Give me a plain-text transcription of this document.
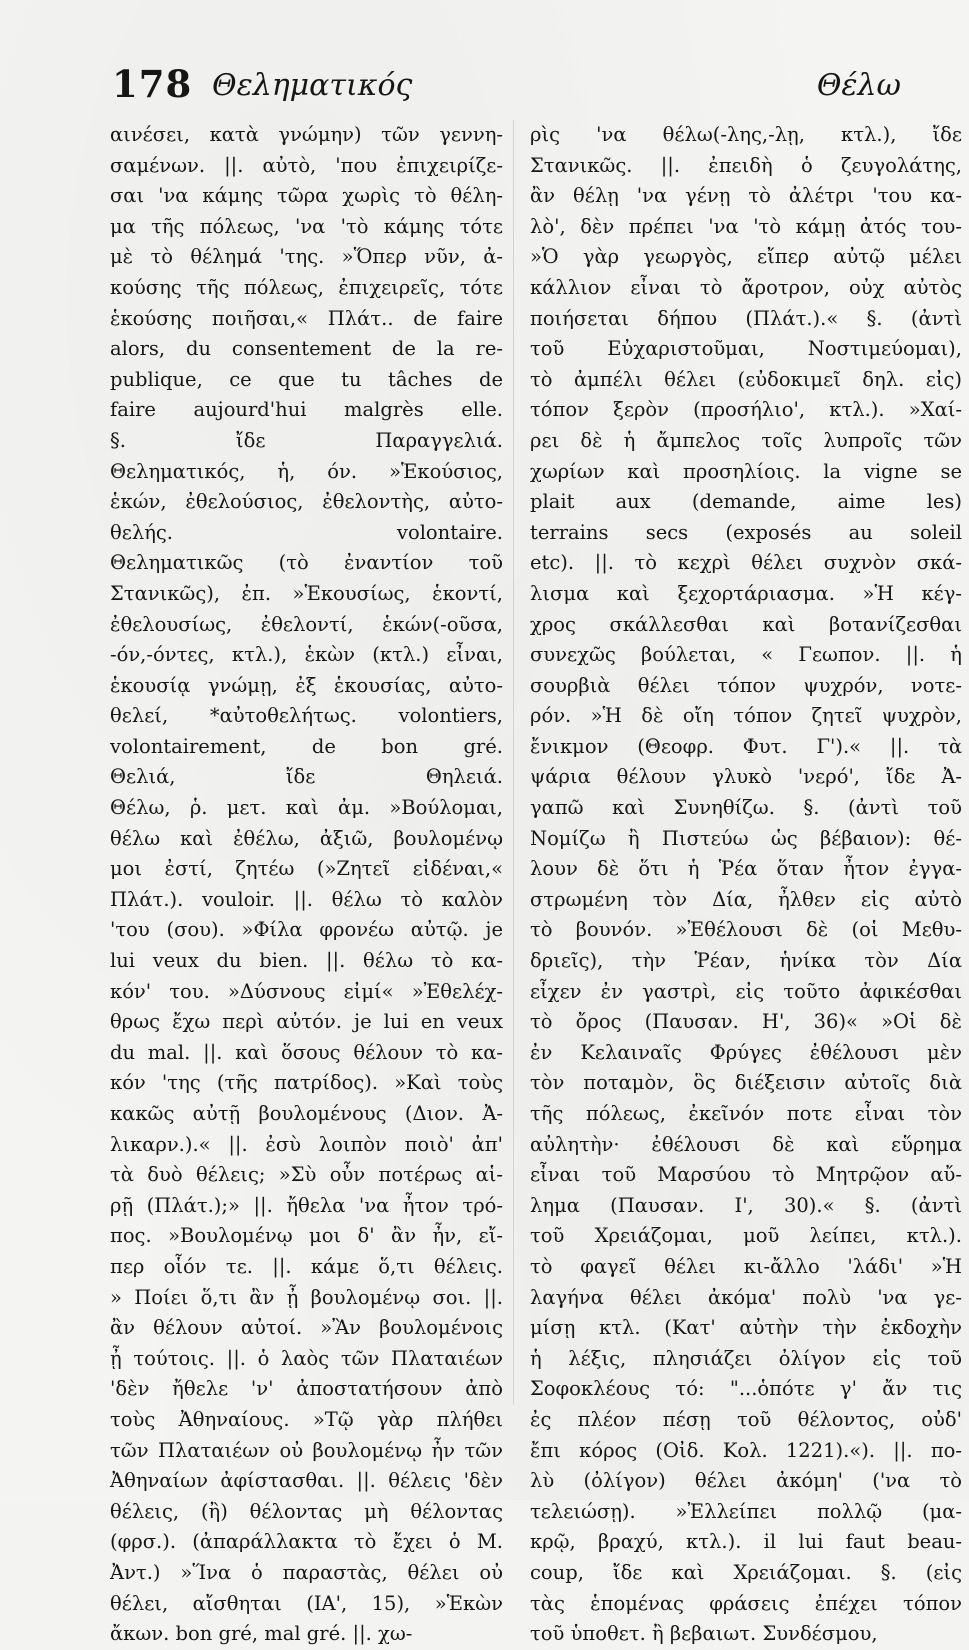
178 Θεληματικός	Θέλω
αινέσει, κατὰ γνώμην) τῶν γεννη-
σαμένων. ||. αὐτὸ, 'που ἐπιχειρίζε-
σαι 'να κάμης τῶρα χωρὶς τὸ θέλη-
μα τῆς πόλεως, 'να 'τὸ κάμης τότε
μὲ τὸ θέλημά 'της. »Ὅπερ νῦν, ἀ-
κούσης τῆς πόλεως, ἐπιχειρεῖς, τότε
ἑκούσης ποιῆσαι,« Πλάτ.. de faire
alors, du consentement de la re-
publique, ce que tu tâches de
faire aujourd'hui malgrès elle.
§. ἴδε Παραγγελιά.
Θεληματικός, ἡ, όν. »Ἑκούσιος,
ἑκών, ἐθελούσιος, ἐθελοντὴς, αὐτο-
θελής. volontaire.
Θεληματικῶς (τὸ ἐναντίον τοῦ
Στανικῶς), ἐπ. »Ἑκουσίως, ἑκοντί,
ἐθελουσίως, ἐθελοντί, ἑκών(-οῦσα,
-όν,-όντες, κτλ.), ἑκὼν (κτλ.) εἶναι,
ἑκουσίᾳ γνώμῃ, ἐξ ἑκουσίας, αὐτο-
θελεί, *αὐτοθελήτως. volontiers,
volontairement, de bon gré.
Θελιά, ἴδε Θηλειά.
Θέλω, ῥ. μετ. καὶ ἀμ. »Βούλομαι,
θέλω καὶ ἐθέλω, ἀξιῶ, βουλομένῳ
μοι ἐστί, ζητέω (»Ζητεῖ εἰδέναι,«
Πλάτ.). vouloir. ||. θέλω τὸ καλὸν
'του (σου). »Φίλα φρονέω αὐτῷ. je
lui veux du bien. ||. θέλω τὸ κα-
κόν' του. »Δύσνους εἰμί« »Ἐθελέχ-
θρως ἔχω περὶ αὐτόν. je lui en veux
du mal. ||. καὶ ὅσους θέλουν τὸ κα-
κόν 'της (τῆς πατρίδος). »Καὶ τοὺς
κακῶς αὐτῇ βουλομένους (Διον. Ἀ-
λικαρν.).« ||. ἐσὺ λοιπὸν ποιὸ' ἀπ'
τὰ δυὸ θέλεις; »Σὺ οὖν ποτέρως αἱ-
ρῇ (Πλάτ.);» ||. ἤθελα 'να ἦτον τρό-
πος. »Βουλομένῳ μοι δ' ἂν ἦν, εἴ-
περ οἷόν τε. ||. κάμε ὅ,τι θέλεις.
» Ποίει ὅ,τι ἂν ᾖ βουλομένῳ σοι. ||.
ἂν θέλουν αὐτοί. »Ἂν βουλομένοις
ᾖ τούτοις. ||. ὁ λαὸς τῶν Πλαταιέων
'δὲν ἤθελε 'ν' ἀποστατήσουν ἀπὸ
τοὺς Ἀθηναίους. »Τῷ γὰρ πλήθει
τῶν Πλαταιέων οὐ βουλομένῳ ἦν τῶν
Ἀθηναίων ἀφίστασθαι. ||. θέλεις 'δὲν
θέλεις, (ἢ) θέλοντας μὴ θέλοντας
(φρσ.). (ἀπαράλλακτα τὸ ἔχει ὁ Μ.
Ἀντ.) »Ἵνα ὁ παραστὰς, θέλει οὐ
θέλει, αἴσθηται (ΙΑ', 15), »Ἑκὼν
ἄκων. bon gré, mal gré. ||. χω-
ρὶς 'να θέλω(-λης,-λῃ, κτλ.), ἴδε
Στανικῶς. ||. ἐπειδὴ ὁ ζευγολάτης,
ἂν θέλῃ 'να γένῃ τὸ ἀλέτρι 'του κα-
λὸ', δὲν πρέπει 'να 'τὸ κάμῃ ἀτός του-
»Ὁ γὰρ γεωργὸς, εἴπερ αὐτῷ μέλει
κάλλιον εἶναι τὸ ἄροτρον, οὐχ αὐτὸς
ποιήσεται δήπου (Πλάτ.).« §. (ἀντὶ
τοῦ Εὐχαριστοῦμαι, Νοστιμεύομαι),
τὸ ἀμπέλι θέλει (εὐδοκιμεῖ δηλ. εἰς)
τόπον ξερὸν (προσήλιο', κτλ.). »Χαί-
ρει δὲ ἡ ἄμπελος τοῖς λυπροῖς τῶν
χωρίων καὶ προσηλίοις. la vigne se
plait aux (demande, aime les)
terrains secs (exposés au soleil
etc). ||. τὸ κεχρὶ θέλει συχνὸν σκά-
λισμα καὶ ξεχορτάριασμα. »Ἡ κέγ-
χρος σκάλλεσθαι καὶ βοτανίζεσθαι
συνεχῶς βούλεται, « Γεωπον. ||. ἡ
σουρβιὰ θέλει τόπον ψυχρόν, νοτε-
ρόν. »Ἡ δὲ οἴη τόπον ζητεῖ ψυχρὸν,
ἔνικμον (Θεοφρ. Φυτ. Γ').« ||. τὰ
ψάρια θέλουν γλυκὸ 'νερό', ἴδε Ἀ-
γαπῶ καὶ Συνηθίζω. §. (ἀντὶ τοῦ
Νομίζω ἢ Πιστεύω ὡς βέβαιον): θέ-
λουν δὲ ὅτι ἡ Ῥέα ὅταν ἦτον ἐγγα-
στρωμένη τὸν Δία, ἦλθεν εἰς αὐτὸ
τὸ βουνόν. »Ἐθέλουσι δὲ (οἱ Μεθυ-
δριεῖς), τὴν Ῥέαν, ἡνίκα τὸν Δία
εἶχεν ἐν γαστρὶ, εἰς τοῦτο ἀφικέσθαι
τὸ ὄρος (Παυσαν. Η', 36)« »Οἱ δὲ
ἐν Κελαιναῖς Φρύγες ἐθέλουσι μὲν
τὸν ποταμὸν, ὃς διέξεισιν αὐτοῖς διὰ
τῆς πόλεως, ἐκεῖνόν ποτε εἶναι τὸν
αὐλητὴν· ἐθέλουσι δὲ καὶ εὕρημα
εἶναι τοῦ Μαρσύου τὸ Μητρῷον αὔ-
λημα (Παυσαν. Ι', 30).« §. (ἀντὶ
τοῦ Χρειάζομαι, μοῦ λείπει, κτλ.).
τὸ φαγεῖ θέλει κι-ἄλλο 'λάδι' »Ἡ
λαγήνα θέλει ἀκόμα' πολὺ 'να γε-
μίσῃ κτλ. (Κατ' αὐτὴν τὴν ἐκδοχὴν
ἡ λέξις, πλησιάζει ὀλίγον εἰς τοῦ
Σοφοκλέους τό: "...ὁπότε γ' ἄν τις
ἐς πλέον πέσῃ τοῦ θέλοντος, οὐδ'
ἔπι κόρος (Οἰδ. Κολ. 1221).«). ||. πο-
λὺ (ὀλίγον) θέλει ἀκόμη' ('να τὸ
τελειώσῃ). »Ἐλλείπει πολλῷ (μα-
κρῷ, βραχύ, κτλ.). il lui faut beau-
coup, ἴδε καὶ Χρειάζομαι. §. (εἰς
τὰς ἑπομένας φράσεις ἐπέχει τόπον
τοῦ ὑποθετ. ἢ βεβαιωτ. Συνδέσμου,
